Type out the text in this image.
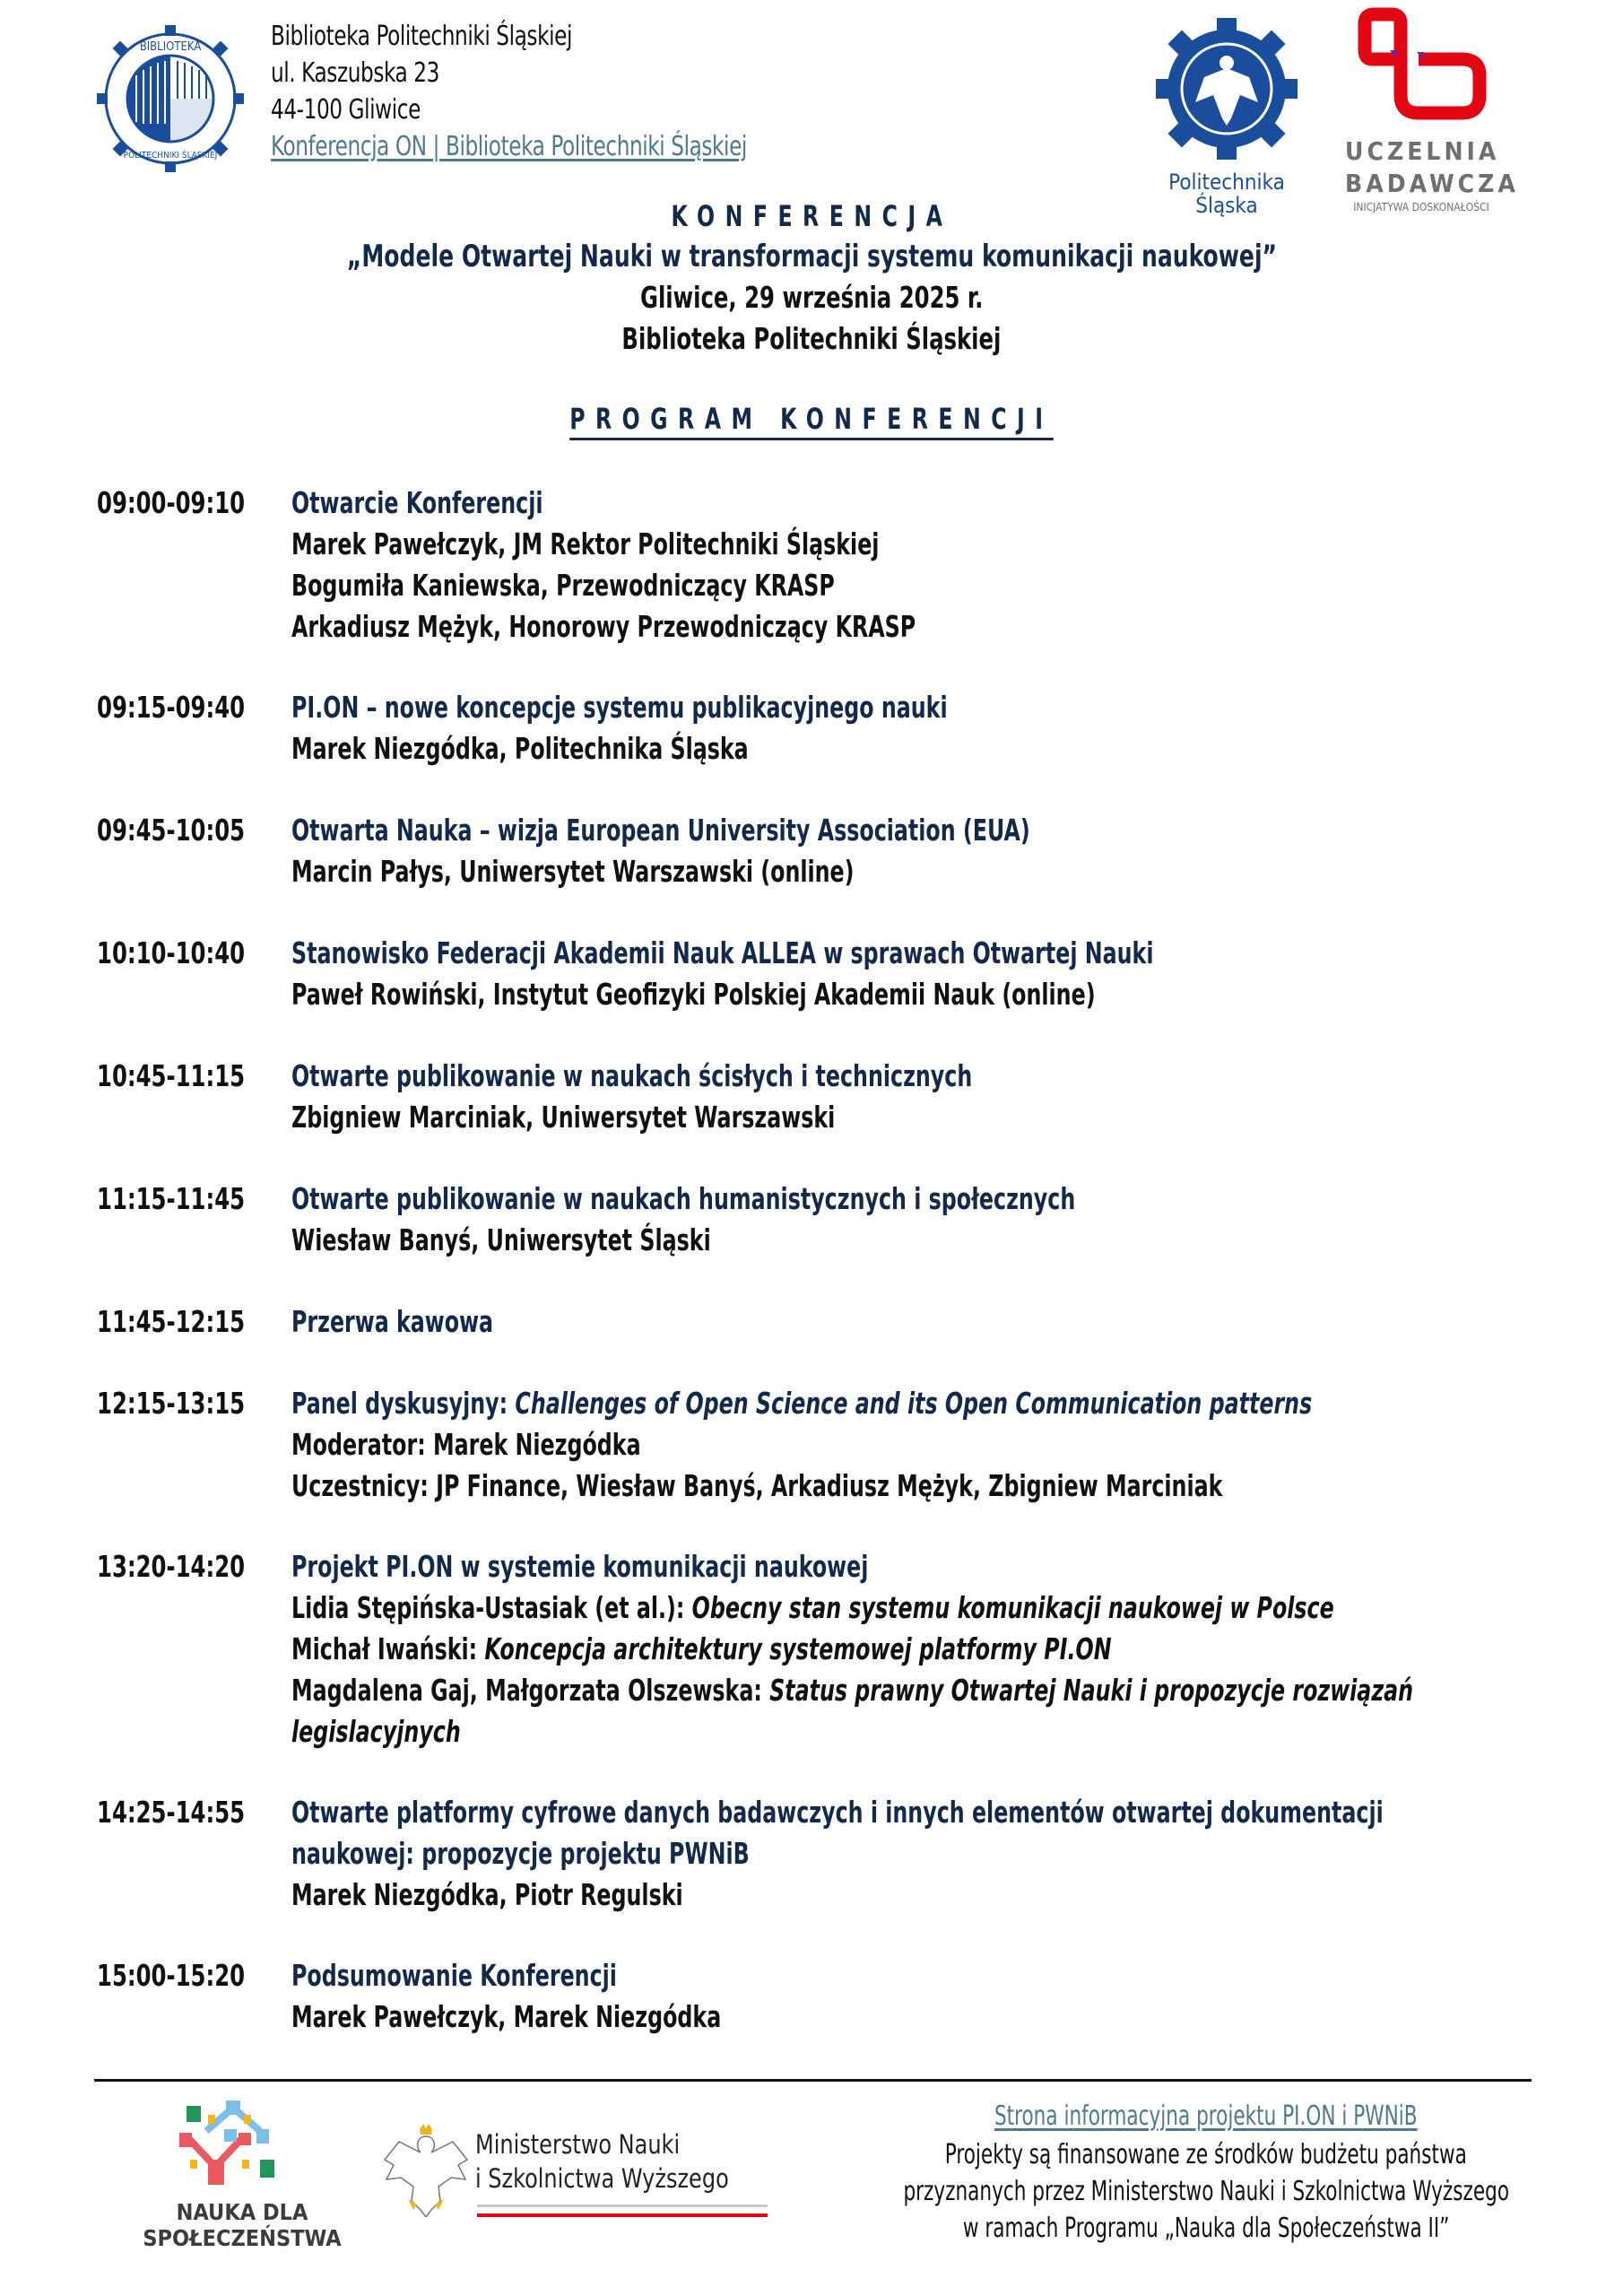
BIBLIOTEKA
POLITECHNIKI ŚLĄSKIEJ
Biblioteka Politechniki Śląskiej
ul. Kaszubska 23
44-100 Gliwice
Konferencja ON | Biblioteka Politechniki Śląskiej
Politechnika
Śląska
UCZELNIA
BADAWCZA
INICJATYWA DOSKONAŁOŚCI
KONFERENCJA
„Modele Otwartej Nauki w transformacji systemu komunikacji naukowej”
Gliwice, 29 września 2025 r.
Biblioteka Politechniki Śląskiej
PROGRAM KONFERENCJI
09:00-09:10	Otwarcie Konferencji
Marek Pawełczyk, JM Rektor Politechniki Śląskiej
Bogumiła Kaniewska, Przewodniczący KRASP
Arkadiusz Mężyk, Honorowy Przewodniczący KRASP
09:15-09:40	PI.ON – nowe koncepcje systemu publikacyjnego nauki
Marek Niezgódka, Politechnika Śląska
09:45-10:05	Otwarta Nauka – wizja European University Association (EUA)
Marcin Pałys, Uniwersytet Warszawski (online)
10:10-10:40	Stanowisko Federacji Akademii Nauk ALLEA w sprawach Otwartej Nauki
Paweł Rowiński, Instytut Geofizyki Polskiej Akademii Nauk (online)
10:45-11:15	Otwarte publikowanie w naukach ścisłych i technicznych
Zbigniew Marciniak, Uniwersytet Warszawski
11:15-11:45	Otwarte publikowanie w naukach humanistycznych i społecznych
Wiesław Banyś, Uniwersytet Śląski
11:45-12:15	Przerwa kawowa
12:15-13:15	Panel dyskusyjny: Challenges of Open Science and its Open Communication patterns
Moderator: Marek Niezgódka
Uczestnicy: JP Finance, Wiesław Banyś, Arkadiusz Mężyk, Zbigniew Marciniak
13:20-14:20	Projekt PI.ON w systemie komunikacji naukowej
Lidia Stępińska-Ustasiak (et al.): Obecny stan systemu komunikacji naukowej w Polsce
Michał Iwański: Koncepcja architektury systemowej platformy PI.ON
Magdalena Gaj, Małgorzata Olszewska: Status prawny Otwartej Nauki i propozycje rozwiązań
legislacyjnych
14:25-14:55	Otwarte platformy cyfrowe danych badawczych i innych elementów otwartej dokumentacji
naukowej: propozycje projektu PWNiB
Marek Niezgódka, Piotr Regulski
15:00-15:20	Podsumowanie Konferencji
Marek Pawełczyk, Marek Niezgódka
NAUKA DLA
SPOŁECZEŃSTWA
Ministerstwo Nauki
i Szkolnictwa Wyższego
Strona informacyjna projektu PI.ON i PWNiB
Projekty są finansowane ze środków budżetu państwa
przyznanych przez Ministerstwo Nauki i Szkolnictwa Wyższego
w ramach Programu „Nauka dla Społeczeństwa II”
